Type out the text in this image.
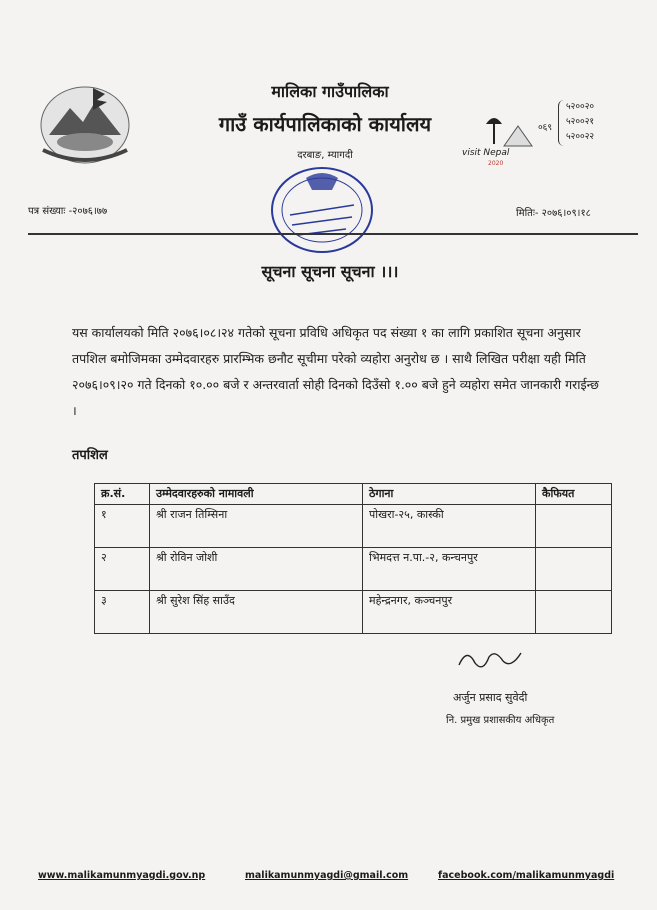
मालिका गाउँपालिका
गाउँ कार्यपालिकाको कार्यालय
दरबाङ, म्यागदी	visit Nepal
2020
०६९
५२००२०
५२००२१
५२००२२
पत्र संख्याः -२०७६।७७	मितिः- २०७६।०९।१८
सूचना सूचना सूचना ।।।
यस कार्यालयको मिति २०७६।०८।२४ गतेको सूचना प्रविधि अधिकृत पद संख्या १ का लागि प्रकाशित सूचना अनुसार तपशिल बमोजिमका उम्मेदवारहरु प्रारम्भिक छनौट सूचीमा परेको व्यहोरा अनुरोध छ । साथै लिखित परीक्षा यही मिति २०७६।०९।२० गते दिनको १०.०० बजे र अन्तरवार्ता सोही दिनको दिउँसो १.०० बजे हुने व्यहोरा समेत जानकारी गराईन्छ ।
तपशिल
क्र.सं.	उम्मेदवारहरुको नामावली	ठेगाना	कैफियत
१	श्री राजन तिम्सिना	पोखरा-२५, कास्की	
२	श्री रोविन जोशी	भिमदत्त न.पा.-२, कन्चनपुर	
३	श्री सुरेश सिंह साउँद	महेन्द्रनगर, कञ्चनपुर	
अर्जुन प्रसाद सुवेदी
नि. प्रमुख प्रशासकीय अधिकृत
www.malikamunmyagdi.gov.np	malikamunmyagdi@gmail.com	facebook.com/malikamunmyagdi
